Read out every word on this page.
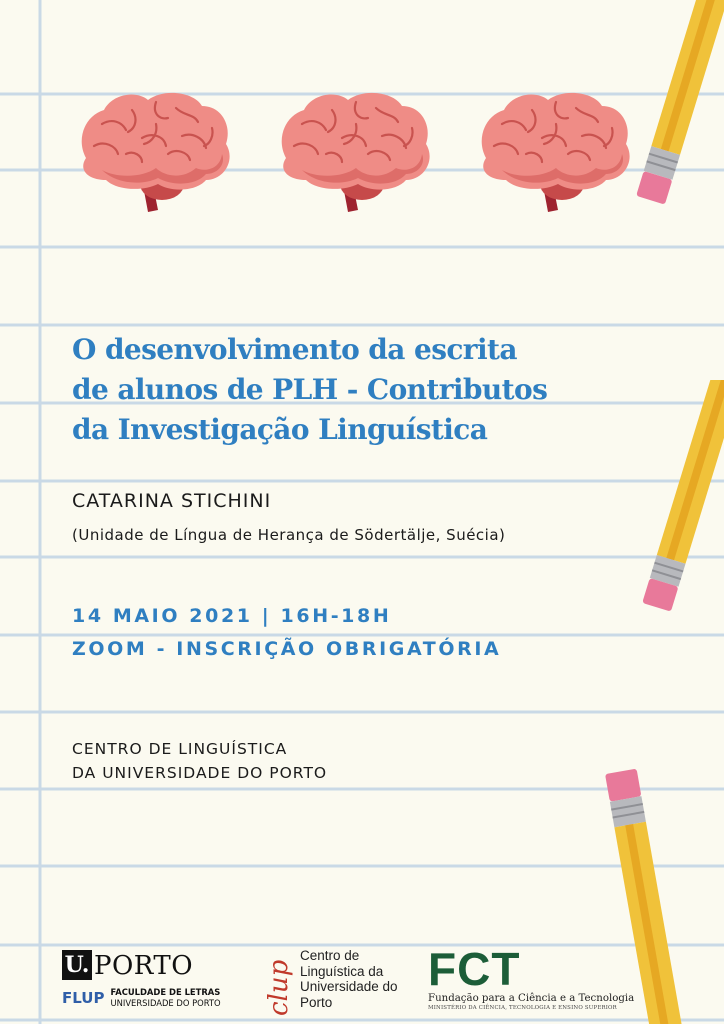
O desenvolvimento da escrita
de alunos de PLH - Contributos
da Investigação Linguística
CATARINA STICHINI
(Unidade de Língua de Herança de Södertälje, Suécia)
14 MAIO 2021 | 16H-18H
ZOOM - INSCRIÇÃO OBRIGATÓRIA
CENTRO DE LINGUÍSTICA
DA UNIVERSIDADE DO PORTO
U. PORTO
FLUP FACULDADE DE LETRAS
UNIVERSIDADE DO PORTO clup
Centro de
Linguística da
Universidade do
Porto
FCT
Fundação para a Ciência e a Tecnologia
MINISTÉRIO DA CIÊNCIA, TECNOLOGIA E ENSINO SUPERIOR
